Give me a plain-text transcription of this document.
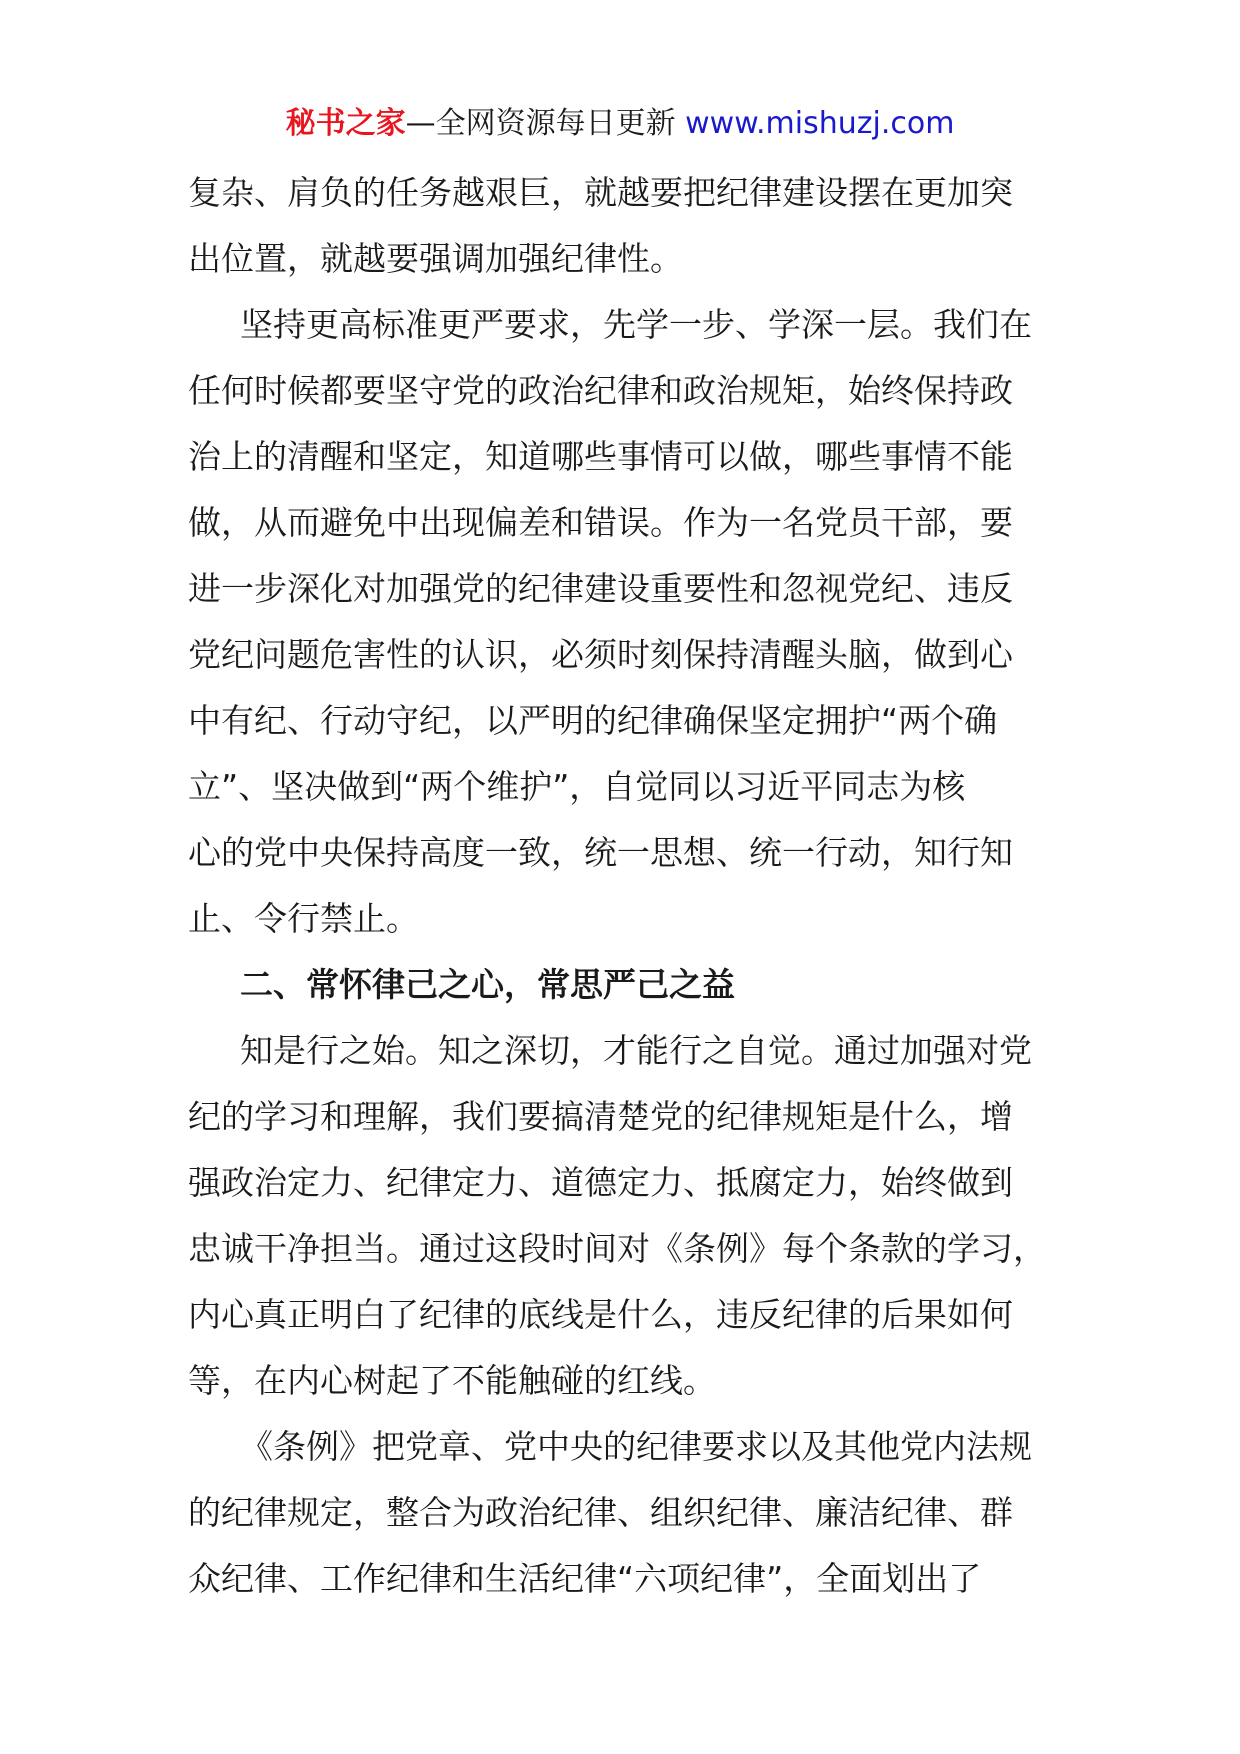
秘书之家—全网资源每日更新 www.mishuzj.com
复杂、肩负的任务越艰巨，就越要把纪律建设摆在更加突
出位置，就越要强调加强纪律性。
坚持更高标准更严要求，先学一步、学深一层。我们在
任何时候都要坚守党的政治纪律和政治规矩，始终保持政
治上的清醒和坚定，知道哪些事情可以做，哪些事情不能
做，从而避免中出现偏差和错误。作为一名党员干部，要
进一步深化对加强党的纪律建设重要性和忽视党纪、违反
党纪问题危害性的认识，必须时刻保持清醒头脑，做到心
中有纪、行动守纪，以严明的纪律确保坚定拥护“两个确
立”、坚决做到“两个维护”，自觉同以习近平同志为核
心的党中央保持高度一致，统一思想、统一行动，知行知
止、令行禁止。
二、常怀律己之心，常思严己之益
知是行之始。知之深切，才能行之自觉。通过加强对党
纪的学习和理解，我们要搞清楚党的纪律规矩是什么，增
强政治定力、纪律定力、道德定力、抵腐定力，始终做到
忠诚干净担当。通过这段时间对《条例》每个条款的学习，
内心真正明白了纪律的底线是什么，违反纪律的后果如何
等，在内心树起了不能触碰的红线。
《条例》把党章、党中央的纪律要求以及其他党内法规
的纪律规定，整合为政治纪律、组织纪律、廉洁纪律、群
众纪律、工作纪律和生活纪律“六项纪律”，全面划出了
